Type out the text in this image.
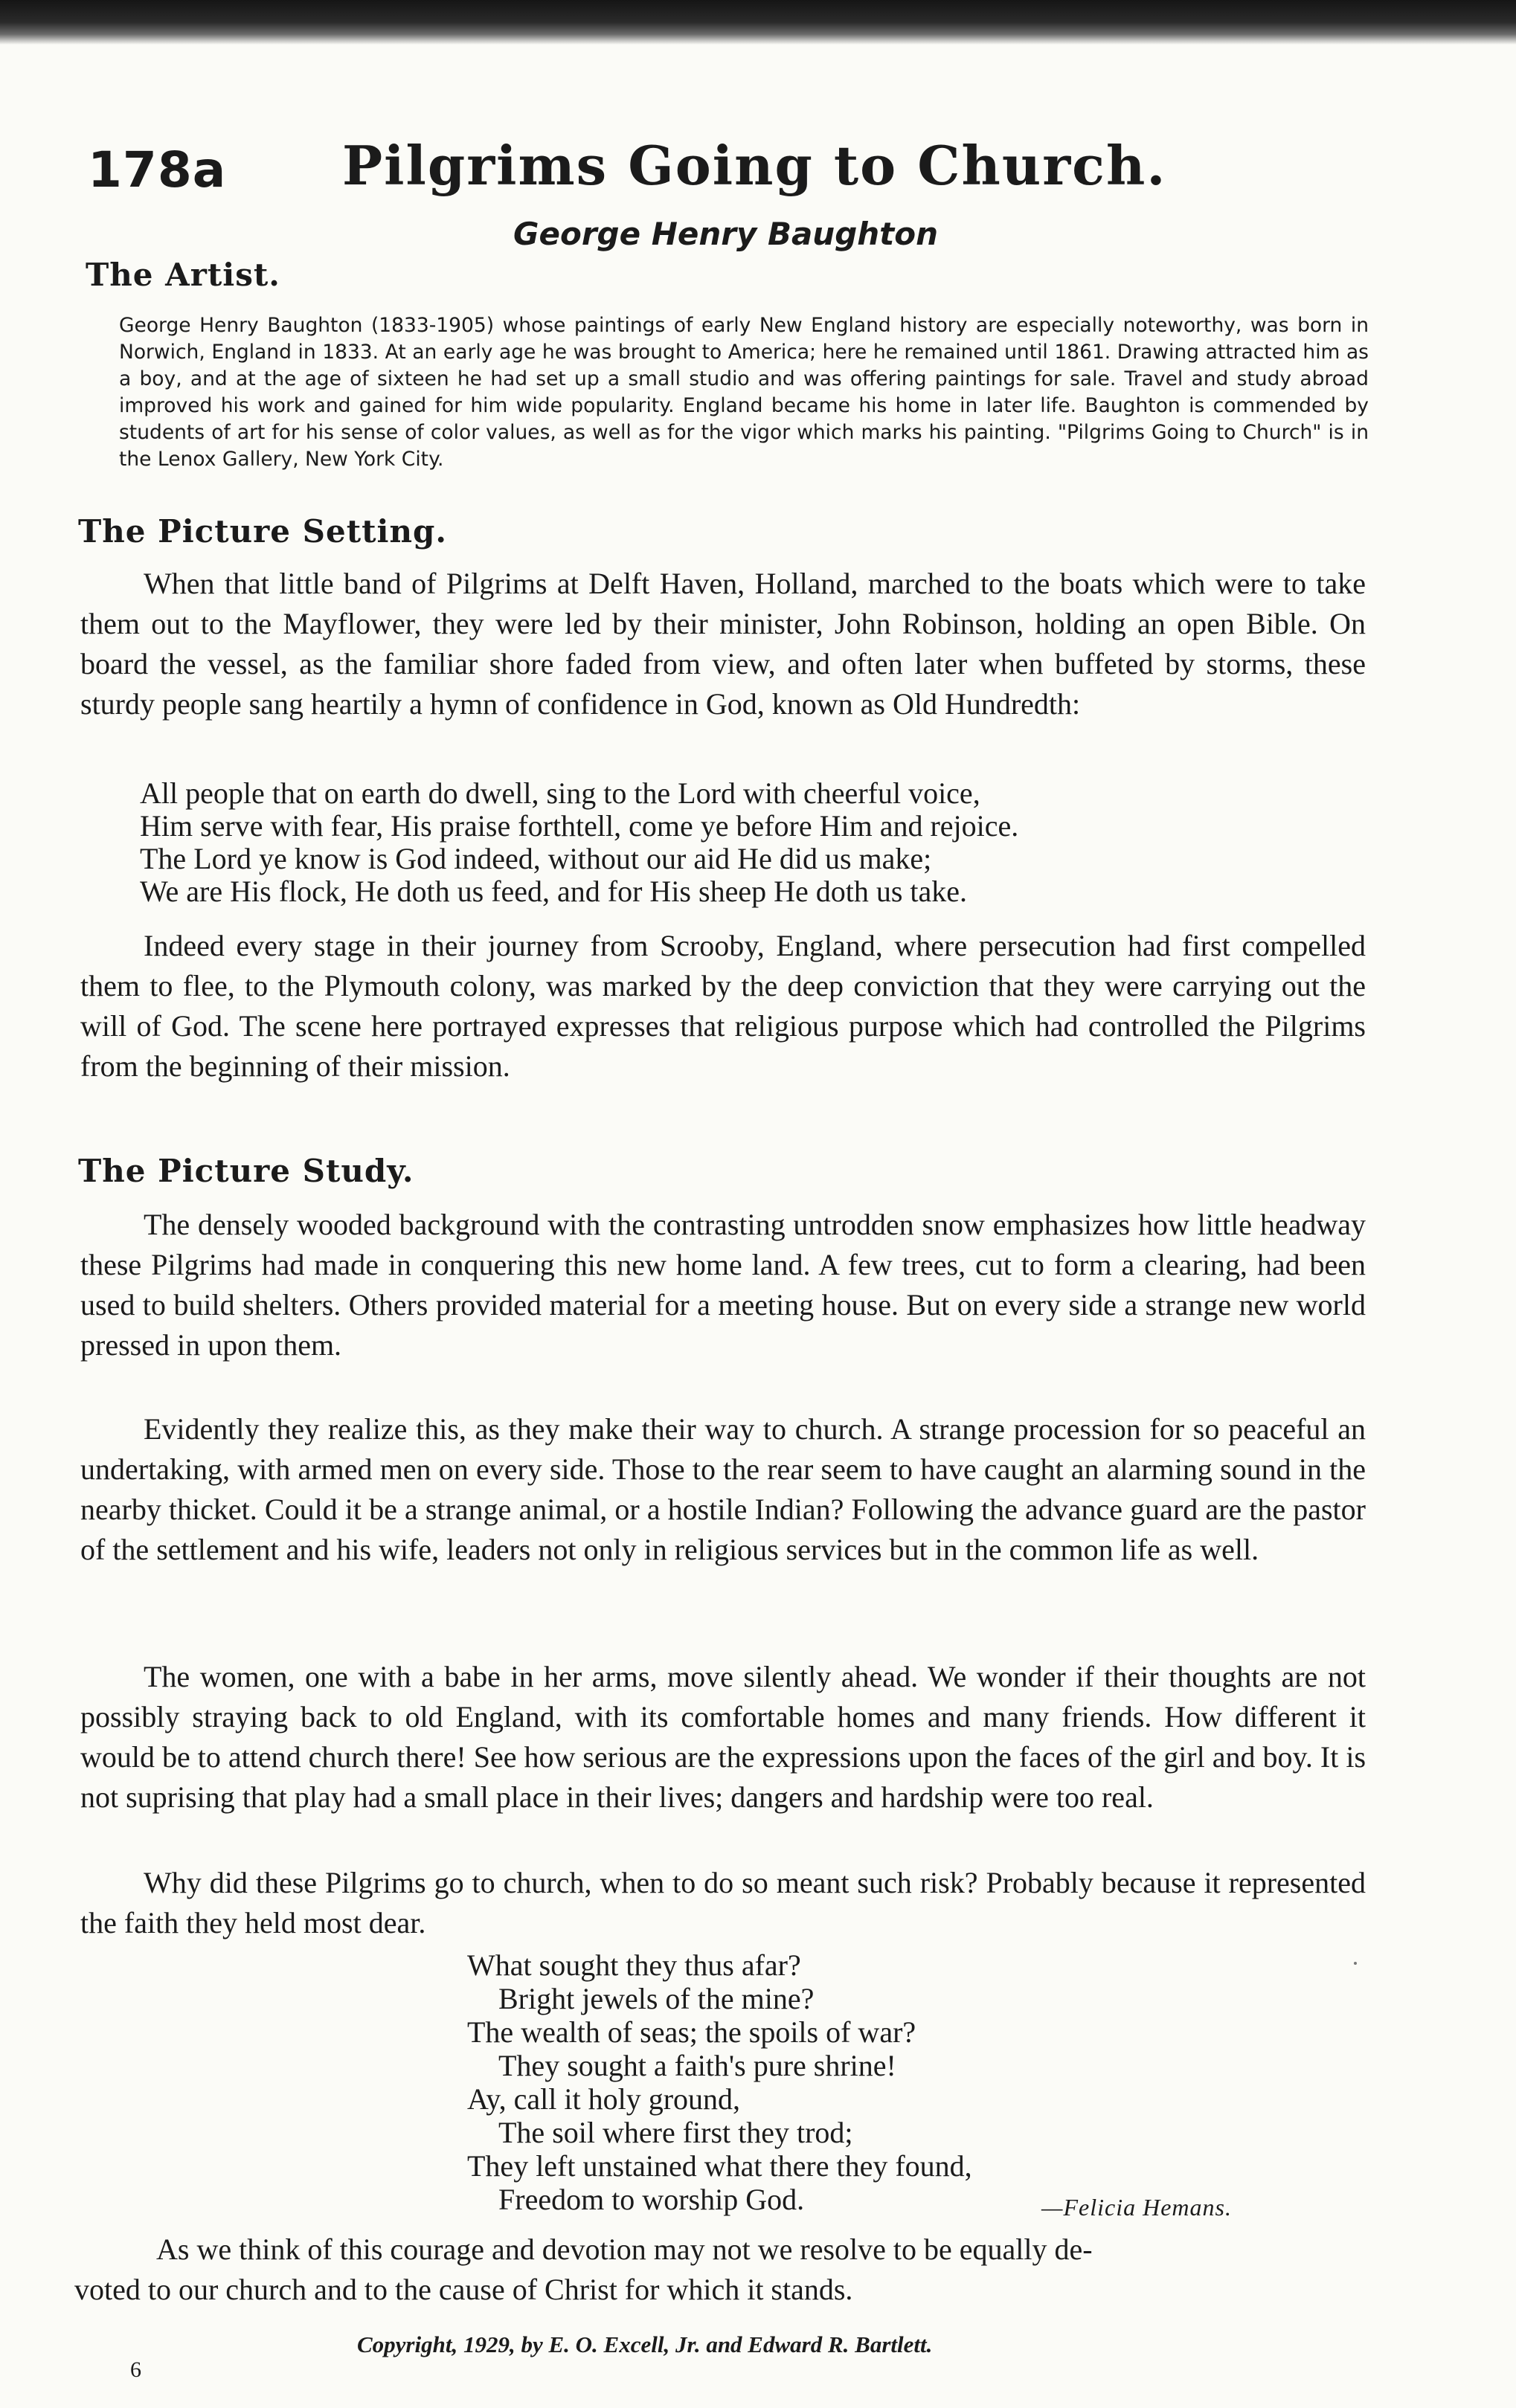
178a Pilgrims Going to Church.
George Henry Baughton
The Artist.

George Henry Baughton (1833-1905) whose paintings of early New England history are especially noteworthy, was born in Norwich, England in 1833. At an early age he was brought to America; here he remained until 1861. Drawing attracted him as a boy, and at the age of sixteen he had set up a small studio and was offering paintings for sale. Travel and study abroad improved his work and gained for him wide popularity. England became his home in later life. Baughton is commended by students of art for his sense of color values, as well as for the vigor which marks his painting. "Pilgrims Going to Church" is in the Lenox Gallery, New York City.

The Picture Setting.

When that little band of Pilgrims at Delft Haven, Holland, marched to the boats which were to take them out to the Mayflower, they were led by their minister, John Robinson, holding an open Bible. On board the vessel, as the familiar shore faded from view, and often later when buffeted by storms, these sturdy people sang heartily a hymn of confidence in God, known as Old Hundredth:

All people that on earth do dwell, sing to the Lord with cheerful voice,
Him serve with fear, His praise forthtell, come ye before Him and rejoice.
The Lord ye know is God indeed, without our aid He did us make;
We are His flock, He doth us feed, and for His sheep He doth us take.

Indeed every stage in their journey from Scrooby, England, where persecution had first compelled them to flee, to the Plymouth colony, was marked by the deep conviction that they were carrying out the will of God. The scene here portrayed expresses that religious purpose which had controlled the Pilgrims from the beginning of their mission.

The Picture Study.

The densely wooded background with the contrasting untrodden snow emphasizes how little headway these Pilgrims had made in conquering this new home land. A few trees, cut to form a clearing, had been used to build shelters. Others provided material for a meeting house. But on every side a strange new world pressed in upon them.

Evidently they realize this, as they make their way to church. A strange procession for so peaceful an undertaking, with armed men on every side. Those to the rear seem to have caught an alarming sound in the nearby thicket. Could it be a strange animal, or a hostile Indian? Following the advance guard are the pastor of the settlement and his wife, leaders not only in religious services but in the common life as well.

The women, one with a babe in her arms, move silently ahead. We wonder if their thoughts are not possibly straying back to old England, with its comfortable homes and many friends. How different it would be to attend church there! See how serious are the expressions upon the faces of the girl and boy. It is not suprising that play had a small place in their lives; dangers and hardship were too real.

Why did these Pilgrims go to church, when to do so meant such risk? Probably because it represented the faith they held most dear.

What sought they thus afar?
Bright jewels of the mine?
The wealth of seas; the spoils of war?
They sought a faith's pure shrine!
Ay, call it holy ground,
The soil where first they trod;
They left unstained what there they found,
Freedom to worship God.	—Felicia Hemans.

As we think of this courage and devotion may not we resolve to be equally de-
voted to our church and to the cause of Christ for which it stands.

Copyright, 1929, by E. O. Excell, Jr. and Edward R. Bartlett.
6
